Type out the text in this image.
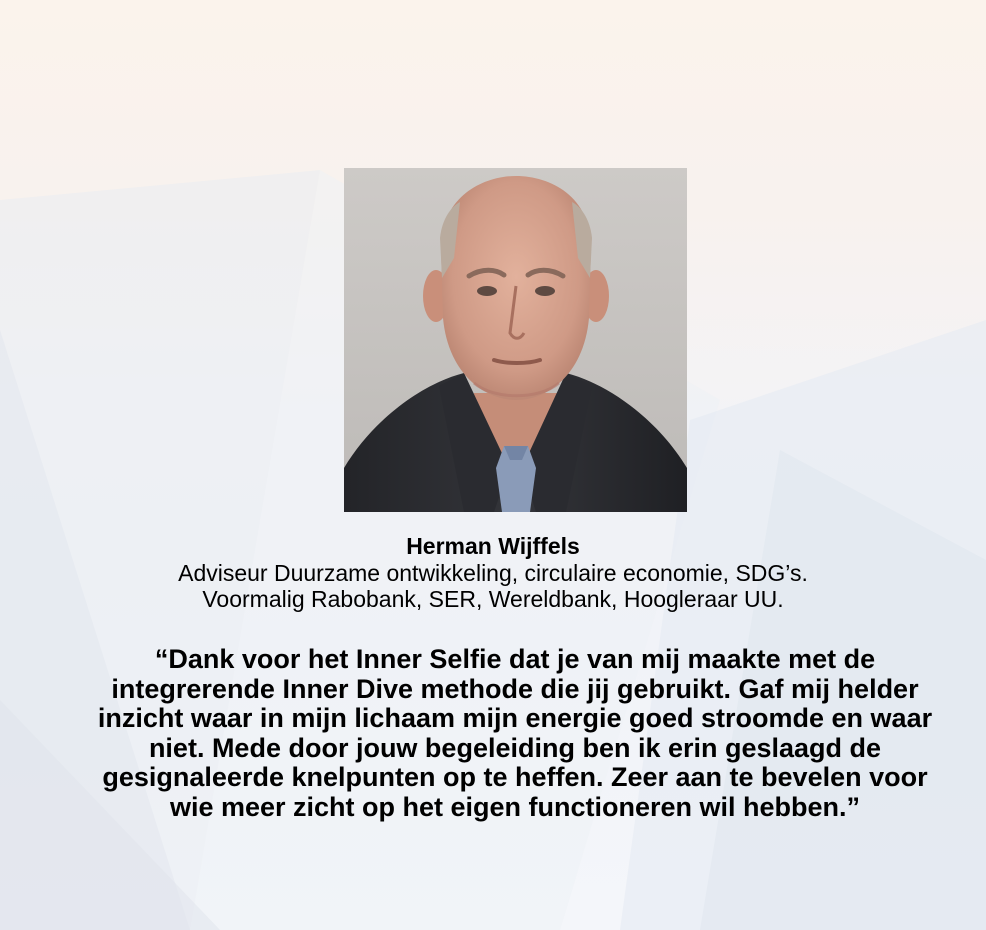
Herman Wijffels

Adviseur Duurzame ontwikkeling, circulaire economie, SDG’s.

Voormalig Rabobank, SER, Wereldbank, Hoogleraar UU.

“Dank voor het Inner Selfie dat je van mij maakte met de integrerende Inner Dive methode die jij gebruikt. Gaf mij helder inzicht waar in mijn lichaam mijn energie goed stroomde en waar niet. Mede door jouw begeleiding ben ik erin geslaagd de gesignaleerde knelpunten op te heffen. Zeer aan te bevelen voor wie meer zicht op het eigen functioneren wil hebben.”
